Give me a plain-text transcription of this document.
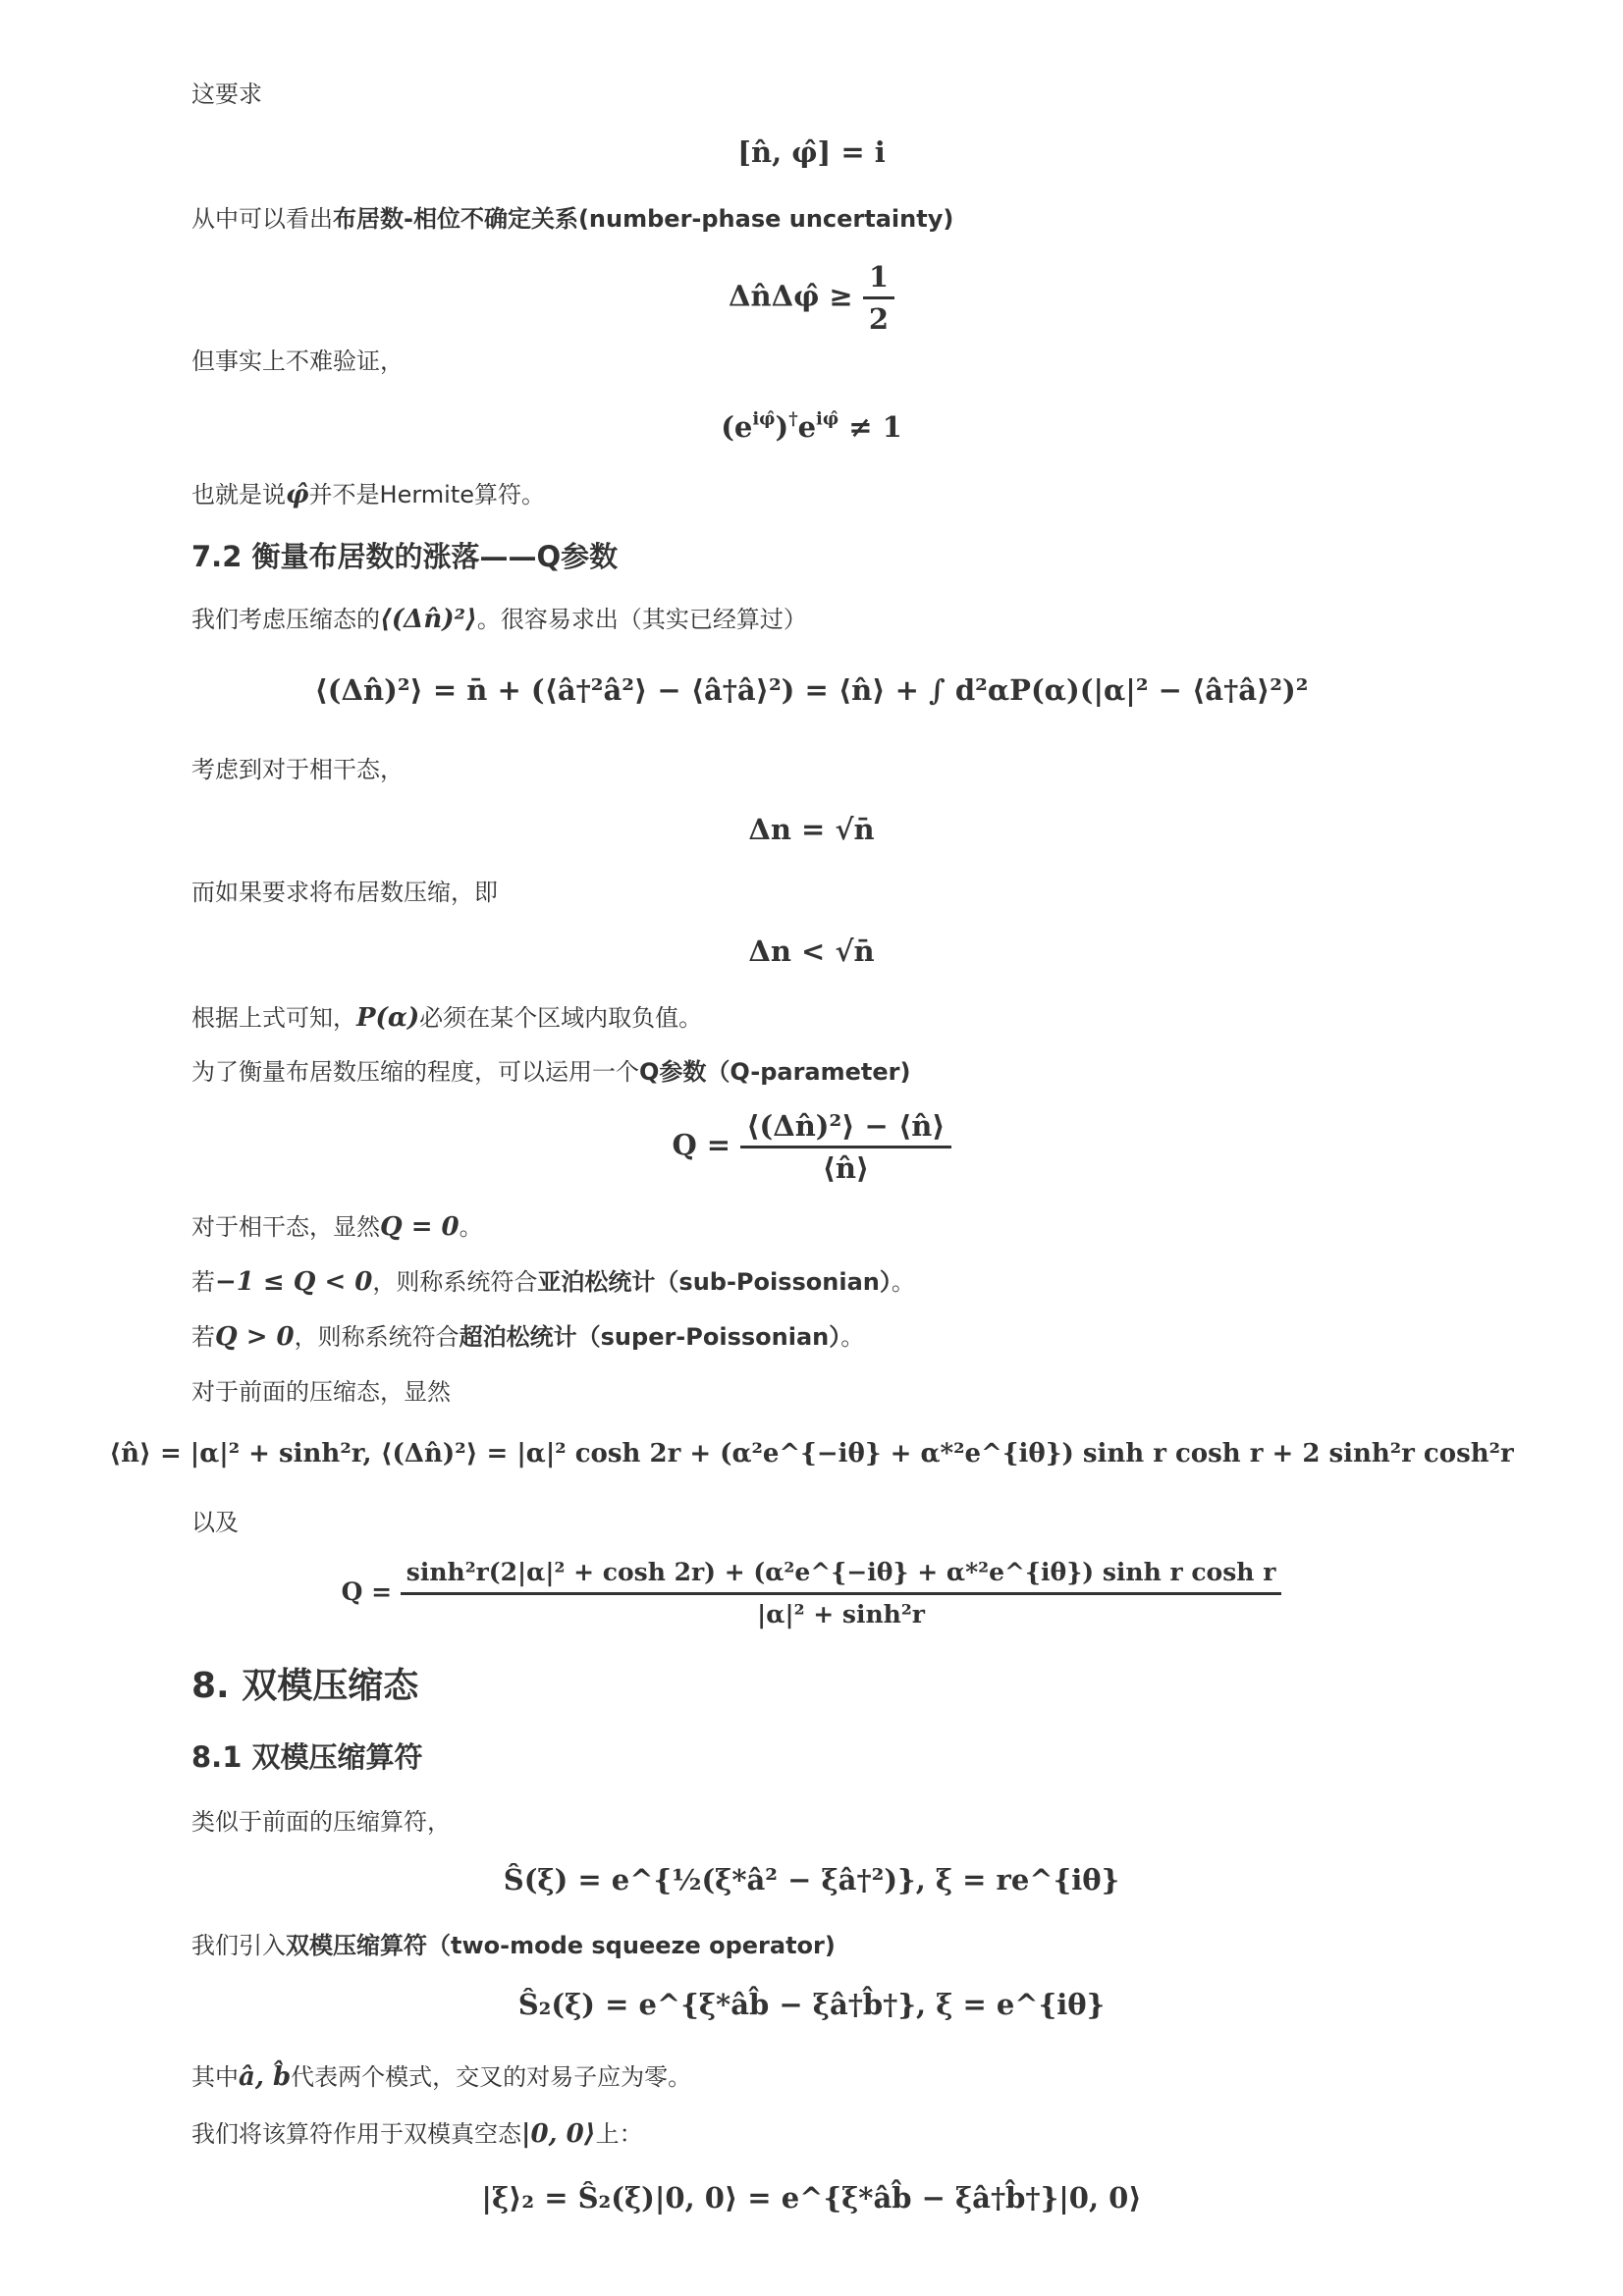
这要求
[n̂, φ̂] = i
从中可以看出布居数-相位不确定关系(number-phase uncertainty)
Δn̂Δφ̂ ≥ $\frac{1}{2}$
但事实上不难验证，
$(e^{i\varphî})^\dagger e^{i\varphî} \ne 1$
也就是说φ̂并不是Hermite算符。
7.2 衡量布居数的涨落——Q参数
我们考虑压缩态的⟨(Δn̂)²⟩。很容易求出（其实已经算过）
⟨(Δn̂)²⟩ = n̄ + (⟨â†²â²⟩ − ⟨â†â⟩²) = ⟨n̂⟩ + ∫ d²αP(α)(|α|² − ⟨â†â⟩²)²
考虑到对于相干态，
Δn = √n̄
而如果要求将布居数压缩，即
Δn < √n̄
根据上式可知，P(α)必须在某个区域内取负值。
为了衡量布居数压缩的程度，可以运用一个Q参数（Q-parameter)
$Q = \frac{\text{⟨(Δn̂)²⟩ − ⟨n̂⟩}}{⟨n̂⟩}$
对于相干态，显然Q = 0。
若−1 ≤ Q < 0，则称系统符合亚泊松统计（sub-Poissonian）。
若Q > 0，则称系统符合超泊松统计（super-Poissonian）。
对于前面的压缩态，显然
⟨n̂⟩ = |α|² + sinh²r, ⟨(Δn̂)²⟩ = |α|² cosh 2r + (α²e^{−iθ} + α*²e^{iθ}) sinh r cosh r + 2 sinh²r cosh²r
以及
Q =
sinh²r(2|α|² + cosh 2r) + (α²e^{−iθ} + α*²e^{iθ}) sinh r cosh r
|α|² + sinh²r
8. 双模压缩态
8.1 双模压缩算符
类似于前面的压缩算符，
Ŝ(ξ) = e^{½(ξ*â² − ξâ†²)}, ξ = re^{iθ}
我们引入双模压缩算符（two-mode squeeze operator)
Ŝ₂(ξ) = e^{ξ*âb̂ − ξâ†b̂†}, ξ = e^{iθ}
其中â, b̂代表两个模式，交叉的对易子应为零。
我们将该算符作用于双模真空态|0, 0⟩上：
|ξ⟩₂ = Ŝ₂(ξ)|0, 0⟩ = e^{ξ*âb̂ − ξâ†b̂†}|0, 0⟩
